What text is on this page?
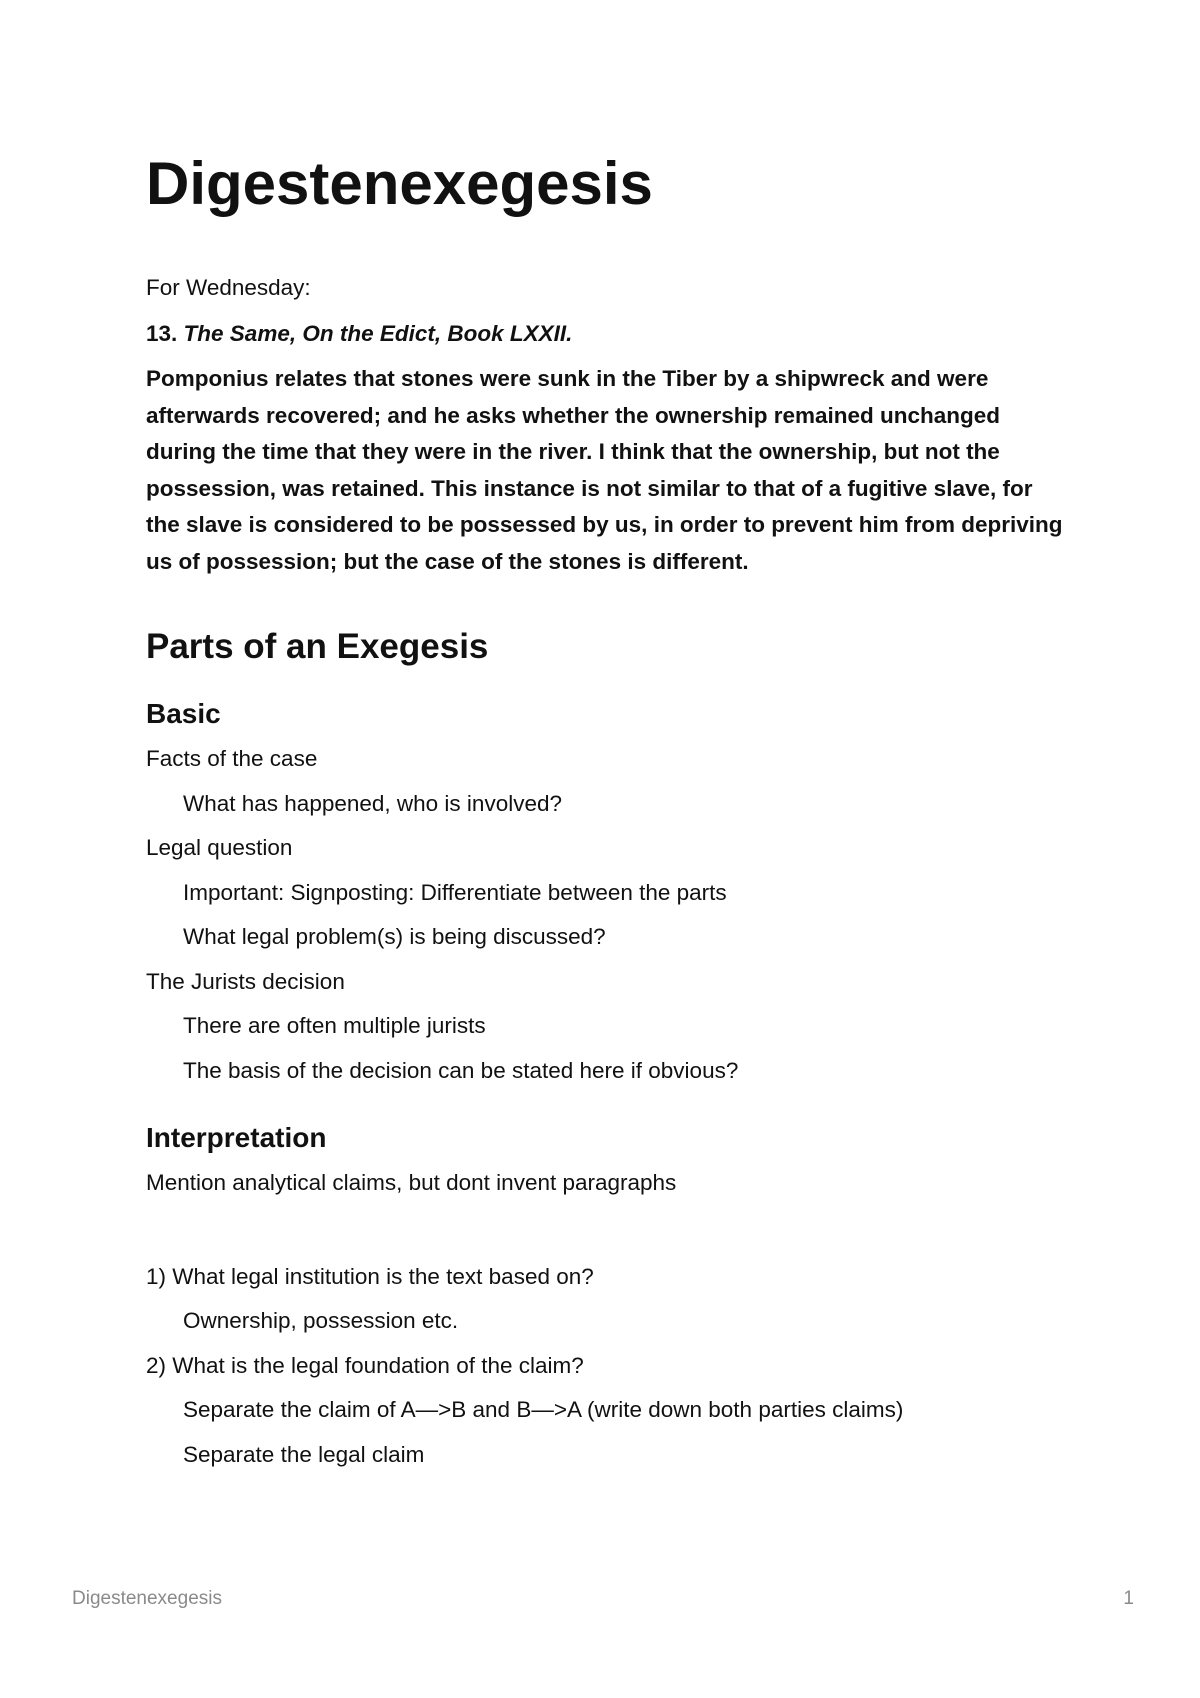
Digestenexegesis

For Wednesday:

13. The Same, On the Edict, Book LXXII.

Pomponius relates that stones were sunk in the Tiber by a shipwreck and were afterwards recovered; and he asks whether the ownership remained unchanged during the time that they were in the river. I think that the ownership, but not the possession, was retained. This instance is not similar to that of a fugitive slave, for the slave is considered to be possessed by us, in order to prevent him from depriving us of possession; but the case of the stones is different.

Parts of an Exegesis
Basic

Facts of the case

What has happened, who is involved?

Legal question

Important: Signposting: Differentiate between the parts

What legal problem(s) is being discussed?

The Jurists decision

There are often multiple jurists

The basis of the decision can be stated here if obvious?

Interpretation

Mention analytical claims, but dont invent paragraphs

1) What legal institution is the text based on?

Ownership, possession etc.

2) What is the legal foundation of the claim?

Separate the claim of A—>B and B—>A (write down both parties claims)

Separate the legal claim

Digestenexegesis	1
